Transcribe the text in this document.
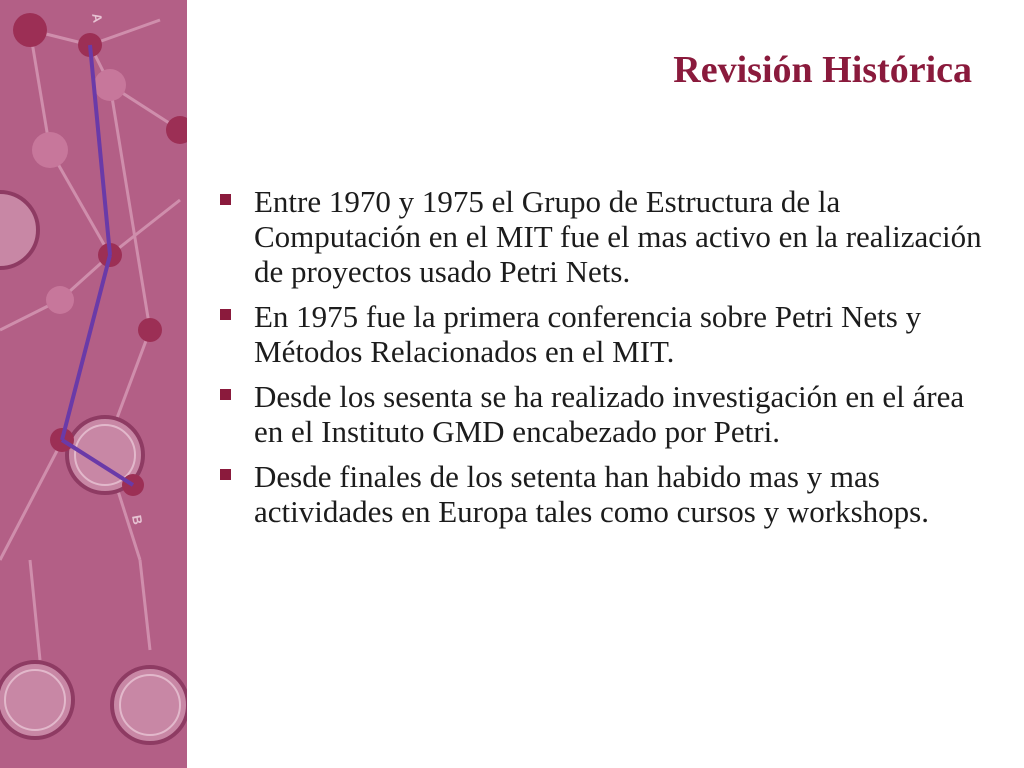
A
B
Revisión Histórica
Entre 1970 y 1975 el Grupo de Estructura de la Computación en el MIT fue el mas activo en la realización de proyectos usado Petri Nets.
En 1975 fue la primera conferencia sobre Petri Nets y Métodos Relacionados en el MIT.
Desde los sesenta se ha realizado investigación en el área en el Instituto GMD encabezado por Petri.
Desde finales de los setenta han habido mas y mas actividades en Europa tales como cursos y workshops.
